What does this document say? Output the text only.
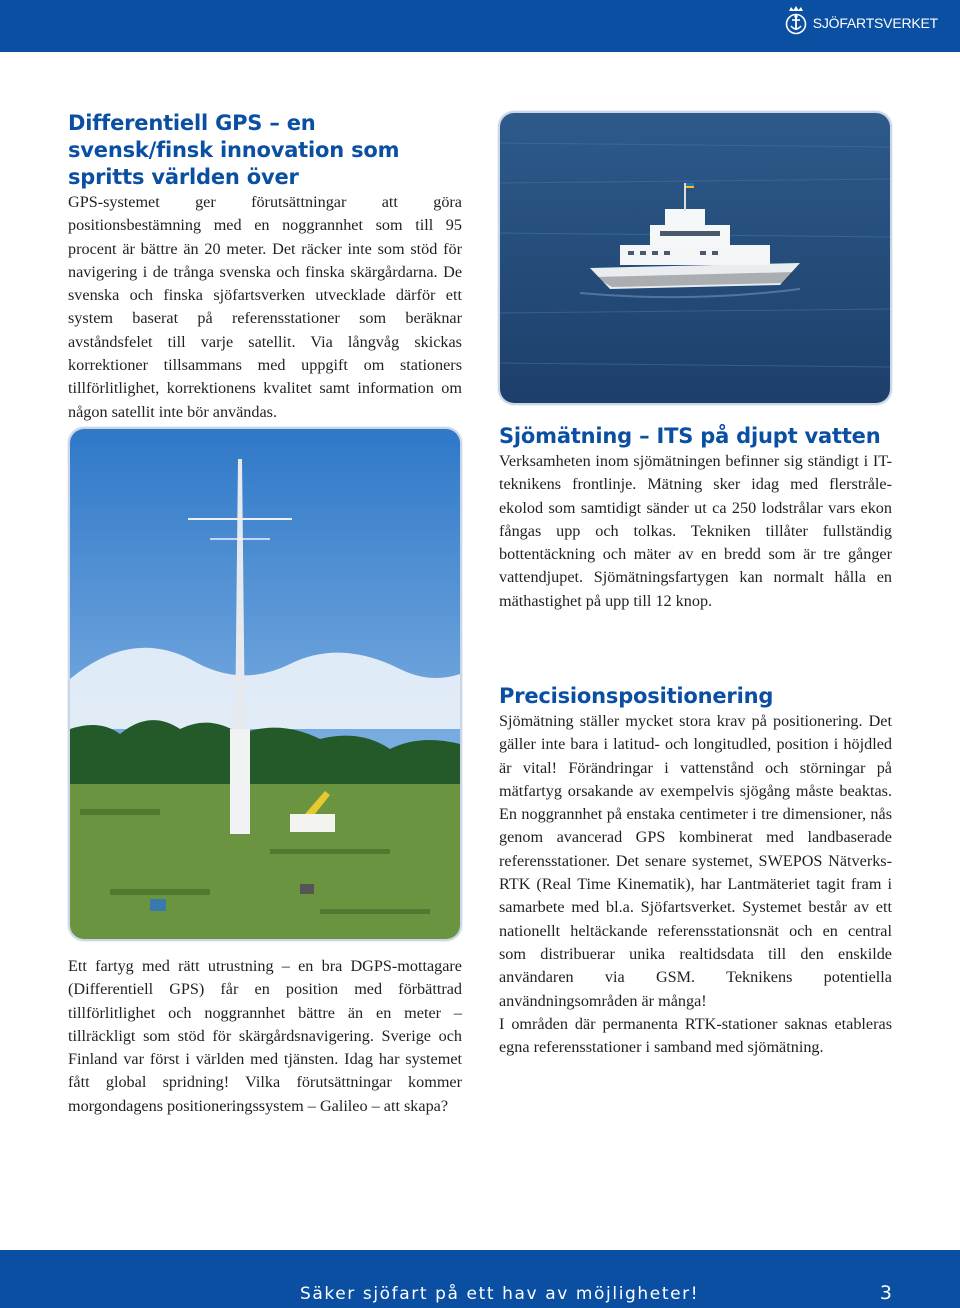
SJÖFARTSVERKET
Differentiell GPS – en svensk/finsk innovation som spritts världen över

GPS-systemet ger förutsättningar att göra positionsbestämning med en noggrannhet som till 95 procent är bättre än 20 meter. Det räcker inte som stöd för navigering i de trånga svenska och finska skärgårdarna. De svenska och finska sjöfartsverken utvecklade därför ett system baserat på referensstationer som beräknar avståndsfelet till varje satellit. Via långvåg skickas korrektioner tillsammans med uppgift om stationers tillförlitlighet, korrektionens kvalitet samt information om någon satellit inte bör användas.

Ett fartyg med rätt utrustning – en bra DGPS-mottagare (Differentiell GPS) får en position med förbättrad tillförlitlighet och noggrannhet bättre än en meter – tillräckligt som stöd för skärgårdsnavigering. Sverige och Finland var först i världen med tjänsten. Idag har systemet fått global spridning! Vilka förutsättningar kommer morgondagens positioneringssystem – Galileo – att skapa?

Sjömätning – ITS på djupt vatten

Verksamheten inom sjömätningen befinner sig ständigt i IT-teknikens frontlinje. Mätning sker idag med flerstråle-ekolod som samtidigt sänder ut ca 250 lodstrålar vars ekon fångas upp och tolkas. Tekniken tillåter fullständig bottentäckning och mäter av en bredd som är tre gånger vattendjupet. Sjömätningsfartygen kan normalt hålla en mäthastighet på upp till 12 knop.

Precisionspositionering

Sjömätning ställer mycket stora krav på positionering. Det gäller inte bara i latitud- och longitudled, position i höjdled är vital! Förändringar i vattenstånd och störningar på mätfartyg orsakande av exempelvis sjögång måste beaktas. En noggrannhet på enstaka centimeter i tre dimensioner, nås genom avancerad GPS kombinerat med landbaserade referensstationer. Det senare systemet, SWEPOS Nätverks-RTK (Real Time Kinematik), har Lantmäteriet tagit fram i samarbete med bl.a. Sjöfartsverket. Systemet består av ett nationellt heltäckande referensstationsnät och en central som distribuerar unika realtidsdata till den enskilde användaren via GSM. Teknikens potentiella användningsområden är många!

I områden där permanenta RTK-stationer saknas etableras egna referensstationer i samband med sjömätning.

Säker sjöfart på ett hav av möjligheter!	3
